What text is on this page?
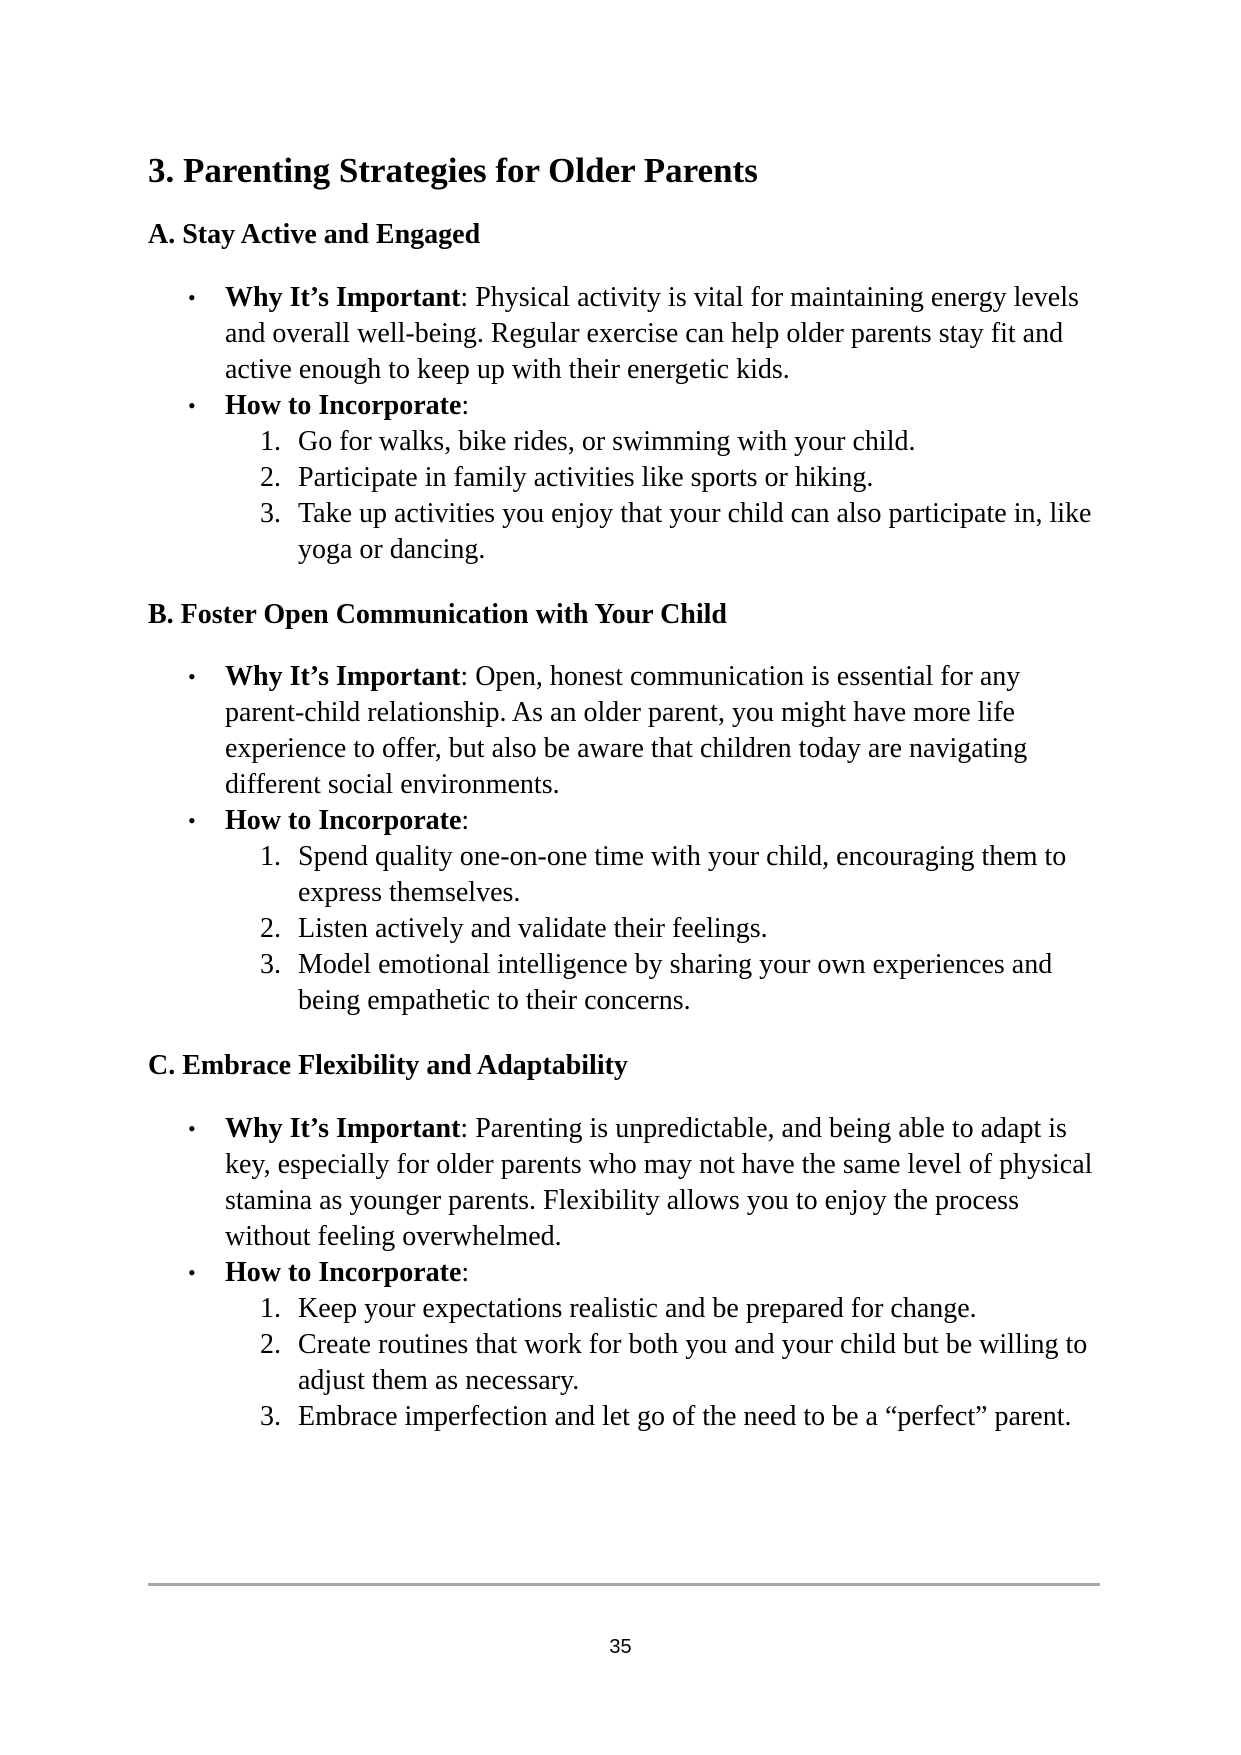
3. Parenting Strategies for Older Parents
A. Stay Active and Engaged
• Why It’s Important: Physical activity is vital for maintaining energy levels and overall well-being. Regular exercise can help older parents stay fit and active enough to keep up with their energetic kids.
• How to Incorporate:
1. Go for walks, bike rides, or swimming with your child.
2. Participate in family activities like sports or hiking.
3. Take up activities you enjoy that your child can also participate in, like yoga or dancing.
B. Foster Open Communication with Your Child
• Why It’s Important: Open, honest communication is essential for any parent-child relationship. As an older parent, you might have more life experience to offer, but also be aware that children today are navigating different social environments.
• How to Incorporate:
1. Spend quality one-on-one time with your child, encouraging them to express themselves.
2. Listen actively and validate their feelings.
3. Model emotional intelligence by sharing your own experiences and being empathetic to their concerns.
C. Embrace Flexibility and Adaptability
• Why It’s Important: Parenting is unpredictable, and being able to adapt is key, especially for older parents who may not have the same level of physical stamina as younger parents. Flexibility allows you to enjoy the process without feeling overwhelmed.
• How to Incorporate:
1. Keep your expectations realistic and be prepared for change.
2. Create routines that work for both you and your child but be willing to adjust them as necessary.
3. Embrace imperfection and let go of the need to be a “perfect” parent.
35
